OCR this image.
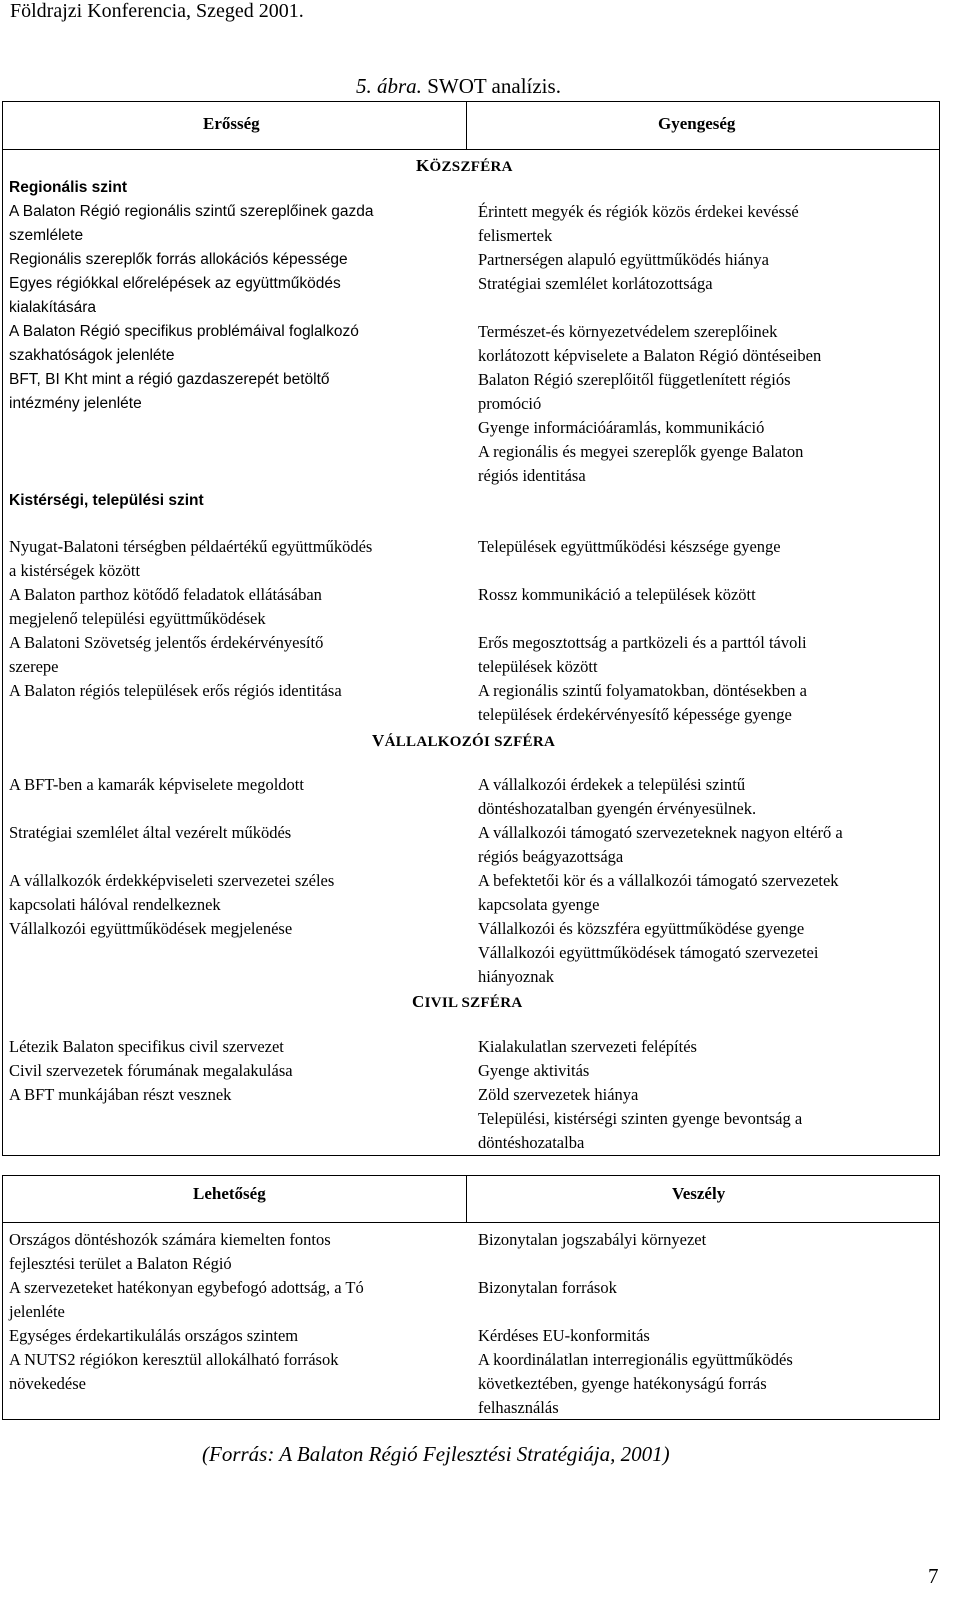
Földrajzi Konferencia, Szeged 2001.
5. ábra. SWOT analízis.
Erősség	Gyengeség
KÖZSZFÉRA
Regionális szint
A Balaton Régió regionális szintű szereplőinek gazda
szemlélete
Regionális szereplők forrás allokációs képessége
Egyes régiókkal előrelépések az együttműködés
kialakítására
A Balaton Régió specifikus problémáival foglalkozó
szakhatóságok jelenléte
BFT, BI Kht mint a régió gazdaszerepét betöltő
intézmény jelenléte
Érintett megyék és régiók közös érdekei kevéssé
felismertek
Partnerségen alapuló együttműködés hiánya
Stratégiai szemlélet korlátozottsága
Természet-és környezetvédelem szereplőinek
korlátozott képviselete a Balaton Régió döntéseiben
Balaton Régió szereplőitől függetlenített régiós
promóció
Gyenge információáramlás, kommunikáció
A regionális és megyei szereplők gyenge Balaton
régiós identitása
Kistérségi, települési szint
Nyugat-Balatoni térségben példaértékű együttműködés
a kistérségek között
A Balaton parthoz kötődő feladatok ellátásában
megjelenő települési együttműködések
A Balatoni Szövetség jelentős érdekérvényesítő
szerepe
A Balaton régiós települések erős régiós identitása
Települések együttműködési készsége gyenge
Rossz kommunikáció a települések között
Erős megosztottság a partközeli és a parttól távoli
települések között
A regionális szintű folyamatokban, döntésekben a
települések érdekérvényesítő képessége gyenge
VÁLLALKOZÓI SZFÉRA
A BFT-ben a kamarák képviselete megoldott
Stratégiai szemlélet által vezérelt működés
A vállalkozók érdekképviseleti szervezetei széles
kapcsolati hálóval rendelkeznek
Vállalkozói együttműködések megjelenése
A vállalkozói érdekek a települési szintű
döntéshozatalban gyengén érvényesülnek.
A vállalkozói támogató szervezeteknek nagyon eltérő a
régiós beágyazottsága
A befektetői kör és a vállalkozói támogató szervezetek
kapcsolata gyenge
Vállalkozói és közszféra együttműködése gyenge
Vállalkozói együttműködések támogató szervezetei
hiányoznak
CIVIL SZFÉRA
Létezik Balaton specifikus civil szervezet
Civil szervezetek fórumának megalakulása
A BFT munkájában részt vesznek
Kialakulatlan szervezeti felépítés
Gyenge aktivitás
Zöld szervezetek hiánya
Települési, kistérségi szinten gyenge bevontság a
döntéshozatalba
Lehetőség	Veszély
Országos döntéshozók számára kiemelten fontos
fejlesztési terület a Balaton Régió
A szervezeteket hatékonyan egybefogó adottság, a Tó
jelenléte
Egységes érdekartikulálás országos szintem
A NUTS2 régiókon keresztül allokálható források
növekedése
Bizonytalan jogszabályi környezet
Bizonytalan források
Kérdéses EU-konformitás
A koordinálatlan interregionális együttműködés
következtében, gyenge hatékonyságú forrás
felhasználás
(Forrás: A Balaton Régió Fejlesztési Stratégiája, 2001)
7
